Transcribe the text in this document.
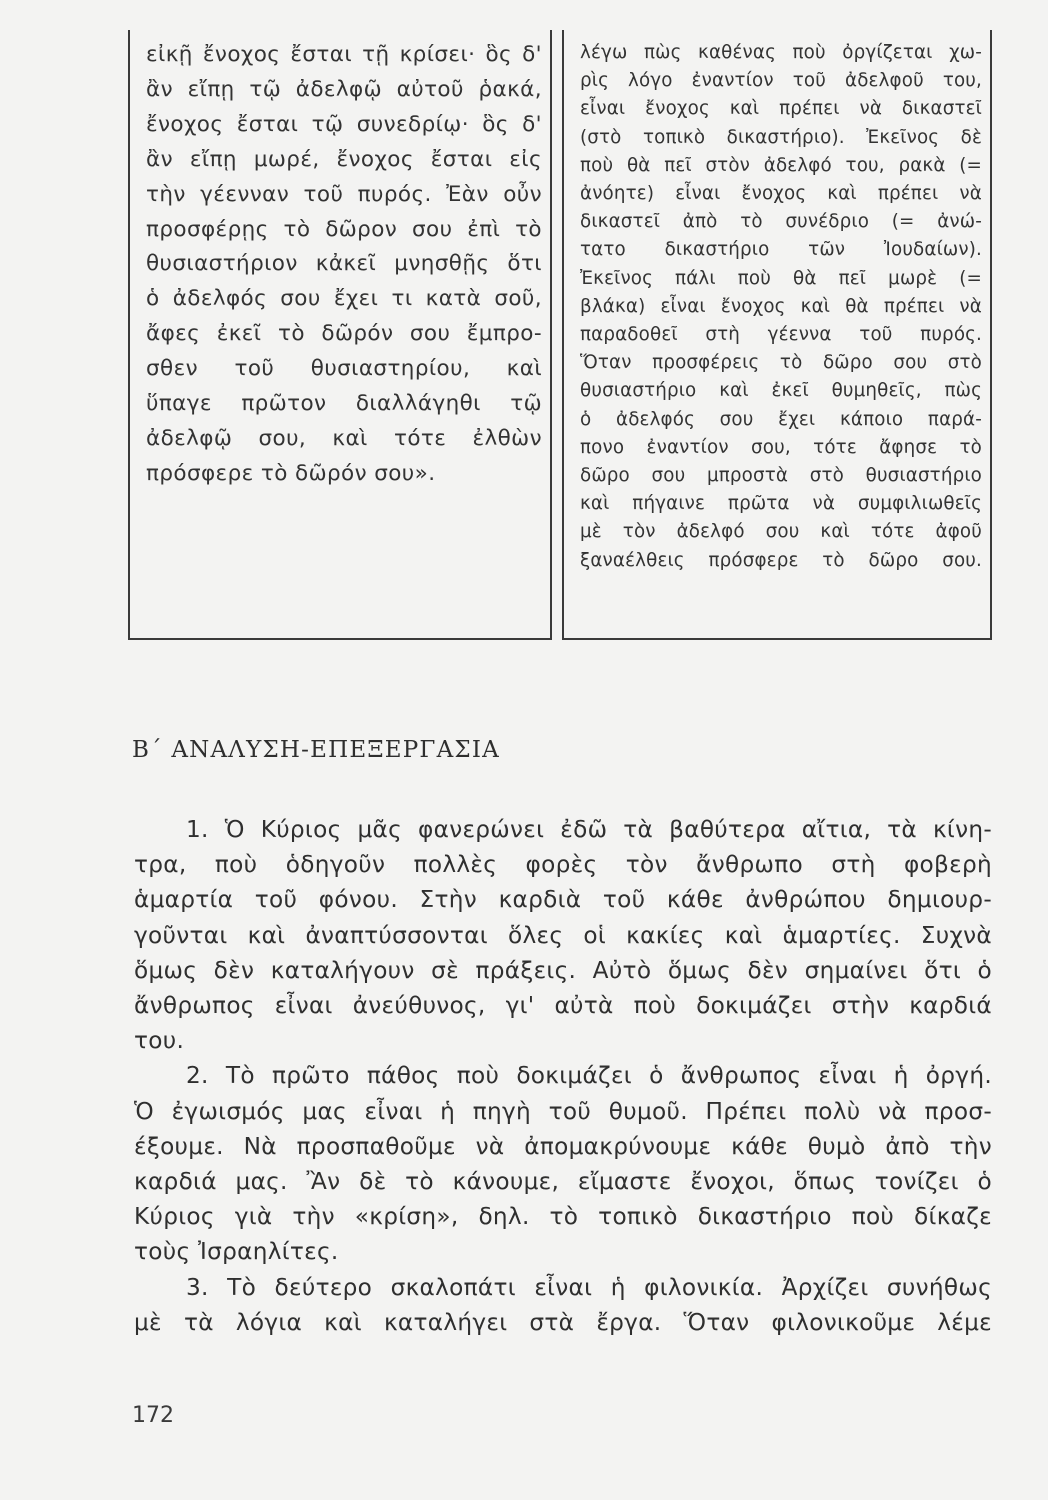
εἰκῇ ἔνοχος ἔσται τῇ κρίσει· ὃς δ'
ἂν εἴπῃ τῷ ἀδελφῷ αὐτοῦ ῥακά,
ἔνοχος ἔσται τῷ συνεδρίῳ· ὃς δ'
ἂν εἴπῃ μωρέ, ἔνοχος ἔσται εἰς
τὴν γέενναν τοῦ πυρός. Ἐὰν οὖν
προσφέρῃς τὸ δῶρον σου ἐπὶ τὸ
θυσιαστήριον κἀκεῖ μνησθῇς ὅτι
ὁ ἀδελφός σου ἔχει τι κατὰ σοῦ,
ἄφες ἐκεῖ τὸ δῶρόν σου ἔμπρο-
σθεν τοῦ θυσιαστηρίου, καὶ
ὕπαγε πρῶτον διαλλάγηθι τῷ
ἀδελφῷ σου, καὶ τότε ἐλθὼν
πρόσφερε τὸ δῶρόν σου».
λέγω πὼς καθένας ποὺ ὀργίζεται χω-
ρὶς λόγο ἐναντίον τοῦ ἀδελφοῦ του,
εἶναι ἔνοχος καὶ πρέπει νὰ δικαστεῖ
(στὸ τοπικὸ δικαστήριο). Ἐκεῖνος δὲ
ποὺ θὰ πεῖ στὸν ἀδελφό του, ρακὰ (=
ἀνόητε) εἶναι ἔνοχος καὶ πρέπει νὰ
δικαστεῖ ἀπὸ τὸ συνέδριο (= ἀνώ-
τατο δικαστήριο τῶν Ἰουδαίων).
Ἐκεῖνος πάλι ποὺ θὰ πεῖ μωρὲ (=
βλάκα) εἶναι ἔνοχος καὶ θὰ πρέπει νὰ
παραδοθεῖ στὴ γέεννα τοῦ πυρός.
Ὅταν προσφέρεις τὸ δῶρο σου στὸ
θυσιαστήριο καὶ ἐκεῖ θυμηθεῖς, πὼς
ὁ ἀδελφός σου ἔχει κάποιο παρά-
πονο ἐναντίον σου, τότε ἄφησε τὸ
δῶρο σου μπροστὰ στὸ θυσιαστήριο
καὶ πήγαινε πρῶτα νὰ συμφιλιωθεῖς
μὲ τὸν ἀδελφό σου καὶ τότε ἀφοῦ
ξαναέλθεις πρόσφερε τὸ δῶρο σου.
Β΄ ΑΝΑΛΥΣΗ-ΕΠΕΞΕΡΓΑΣΙΑ
1. Ὁ Κύριος μᾶς φανερώνει ἐδῶ τὰ βαθύτερα αἴτια, τὰ κίνη-
τρα, ποὺ ὁδηγοῦν πολλὲς φορὲς τὸν ἄνθρωπο στὴ φοβερὴ
ἁμαρτία τοῦ φόνου. Στὴν καρδιὰ τοῦ κάθε ἀνθρώπου δημιουρ-
γοῦνται καὶ ἀναπτύσσονται ὅλες οἱ κακίες καὶ ἁμαρτίες. Συχνὰ
ὅμως δὲν καταλήγουν σὲ πράξεις. Αὐτὸ ὅμως δὲν σημαίνει ὅτι ὁ
ἄνθρωπος εἶναι ἀνεύθυνος, γι' αὐτὰ ποὺ δοκιμάζει στὴν καρδιά
του.
2. Τὸ πρῶτο πάθος ποὺ δοκιμάζει ὁ ἄνθρωπος εἶναι ἡ ὀργή.
Ὁ ἐγωισμός μας εἶναι ἡ πηγὴ τοῦ θυμοῦ. Πρέπει πολὺ νὰ προσ-
έξουμε. Νὰ προσπαθοῦμε νὰ ἀπομακρύνουμε κάθε θυμὸ ἀπὸ τὴν
καρδιά μας. Ἂν δὲ τὸ κάνουμε, εἴμαστε ἔνοχοι, ὅπως τονίζει ὁ
Κύριος γιὰ τὴν «κρίση», δηλ. τὸ τοπικὸ δικαστήριο ποὺ δίκαζε
τοὺς Ἰσραηλίτες.
3. Τὸ δεύτερο σκαλοπάτι εἶναι ἡ φιλονικία. Ἀρχίζει συνήθως
μὲ τὰ λόγια καὶ καταλήγει στὰ ἔργα. Ὅταν φιλονικοῦμε λέμε

172
